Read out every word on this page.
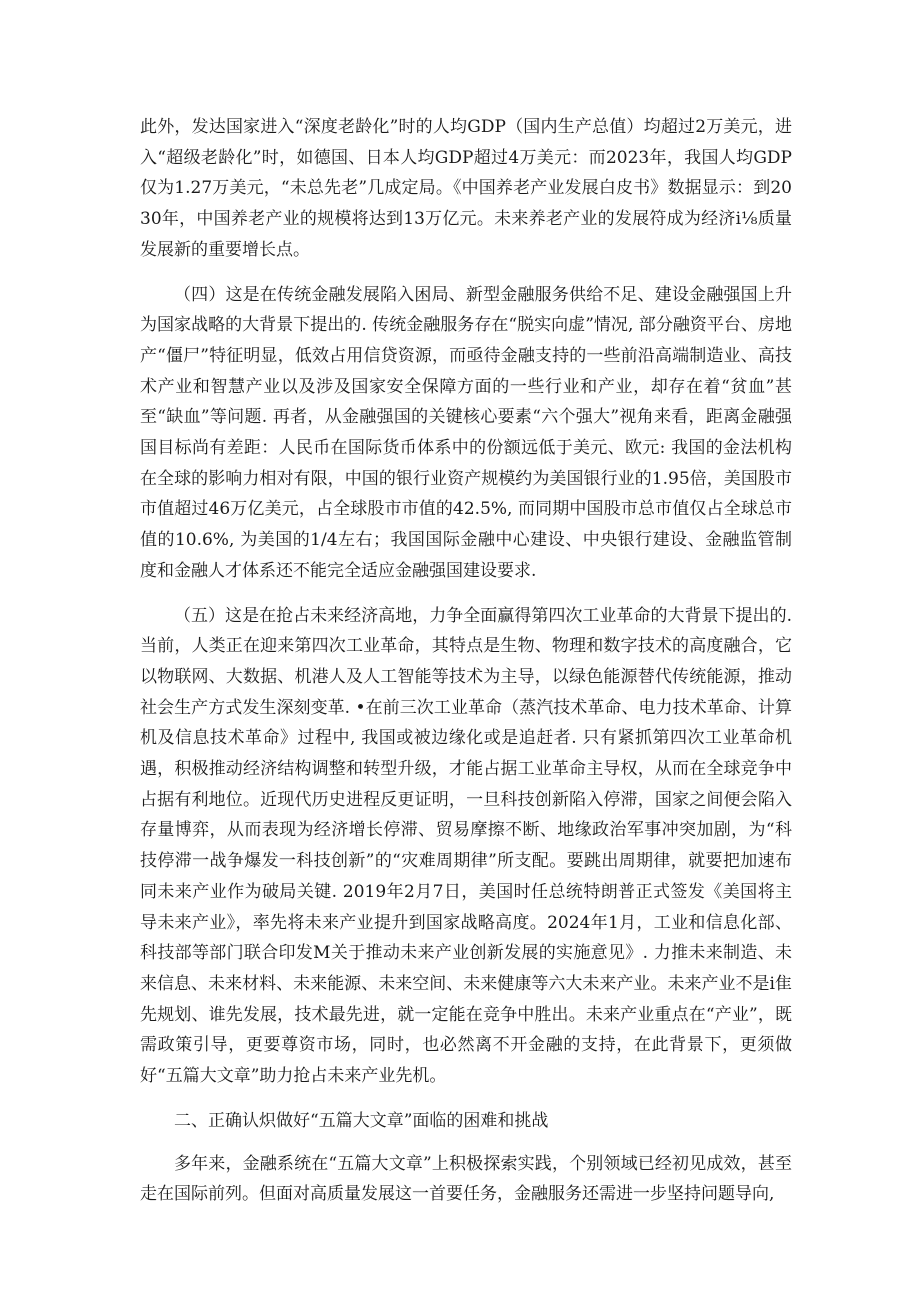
此外，发达国家进入“深度老龄化”时的人均GDP（国内生产总值）均超过2万美元，进入“超级老龄化”时，如德国、日本人均GDP超过4万美元：而2023年，我国人均GDP仅为1.27万美元，“未总先老”几成定局。《中国养老产业发展白皮书》数据显示：到2030年，中国养老产业的规模将达到13万亿元。未来养老产业的发展符成为经济i⅛质量发展新的重要增长点。

（四）这是在传统金融发展陷入困局、新型金融服务供给不足、建设金融强国上升为国家战略的大背景下提出的. 传统金融服务存在“脱实向虚”情况, 部分融资平台、房地产“僵尸”特征明显，低效占用信贷资源，而亟待金融支持的一些前沿高端制造业、高技术产业和智慧产业以及涉及国家安全保障方面的一些行业和产业，却存在着“贫血”甚至“缺血”等问题. 再者，从金融强国的关键核心要素“六个强大”视角来看，距离金融强国目标尚有差距：人民币在国际货币体系中的份额远低于美元、欧元: 我国的金法机构在全球的影响力相对有限，中国的银行业资产规模约为美国银行业的1.95倍，美国股市市值超过46万亿美元，占全球股市市值的42.5%, 而同期中国股市总市值仅占全球总市值的10.6%, 为美国的1/4左右；我国国际金融中心建设、中央银行建设、金融监管制度和金融人才体系还不能完全适应金融强国建设要求.

（五）这是在抢占未来经济高地，力争全面赢得第四次工业革命的大背景下提出的. 当前，人类正在迎来第四次工业革命，其特点是生物、物理和数字技术的高度融合，它以物联网、大数据、机港人及人工智能等技术为主导，以绿色能源替代传统能源，推动社会生产方式发生深刻变革. •在前三次工业革命（蒸汽技术革命、电力技术革命、计算机及信息技术革命》过程中, 我国或被边缘化或是追赶者. 只有紧抓第四次工业革命机遇，积极推动经济结构调整和转型升级，才能占据工业革命主导权，从而在全球竞争中占据有利地位。近现代历史进程反更证明，一旦科技创新陷入停滞，国家之间便会陷入存量博弈，从而表现为经济增长停滞、贸易摩擦不断、地缘政治军事冲突加剧，为“科技停滞一战争爆发一科技创新”的“灾难周期律”所支配。要跳出周期律，就要把加速布同未来产业作为破局关键. 2019年2月7日，美国时任总统特朗普正式签发《美国将主导未来产业》，率先将未来产业提升到国家战略高度。2024年1月，工业和信息化部、科技部等部门联合印发M关于推动未来产业创新发展的实施意见》. 力推未来制造、未来信息、未来材料、未来能源、未来空间、未来健康等六大未来产业。未来产业不是i隹先规划、谁先发展，技术最先进，就一定能在竞争中胜出。未来产业重点在“产业”，既需政策引导，更要尊资市场，同时，也必然离不开金融的支持，在此背景下，更须做好“五篇大文章”助力抢占未来产业先机。

二、正确认炽做好“五篇大文章”面临的困难和挑战

多年来，金融系统在“五篇大文章”上积极探索实践，个别领域已经初见成效，甚至走在国际前列。但面对高质量发展这一首要任务，金融服务还需进一步坚持问题导向,
